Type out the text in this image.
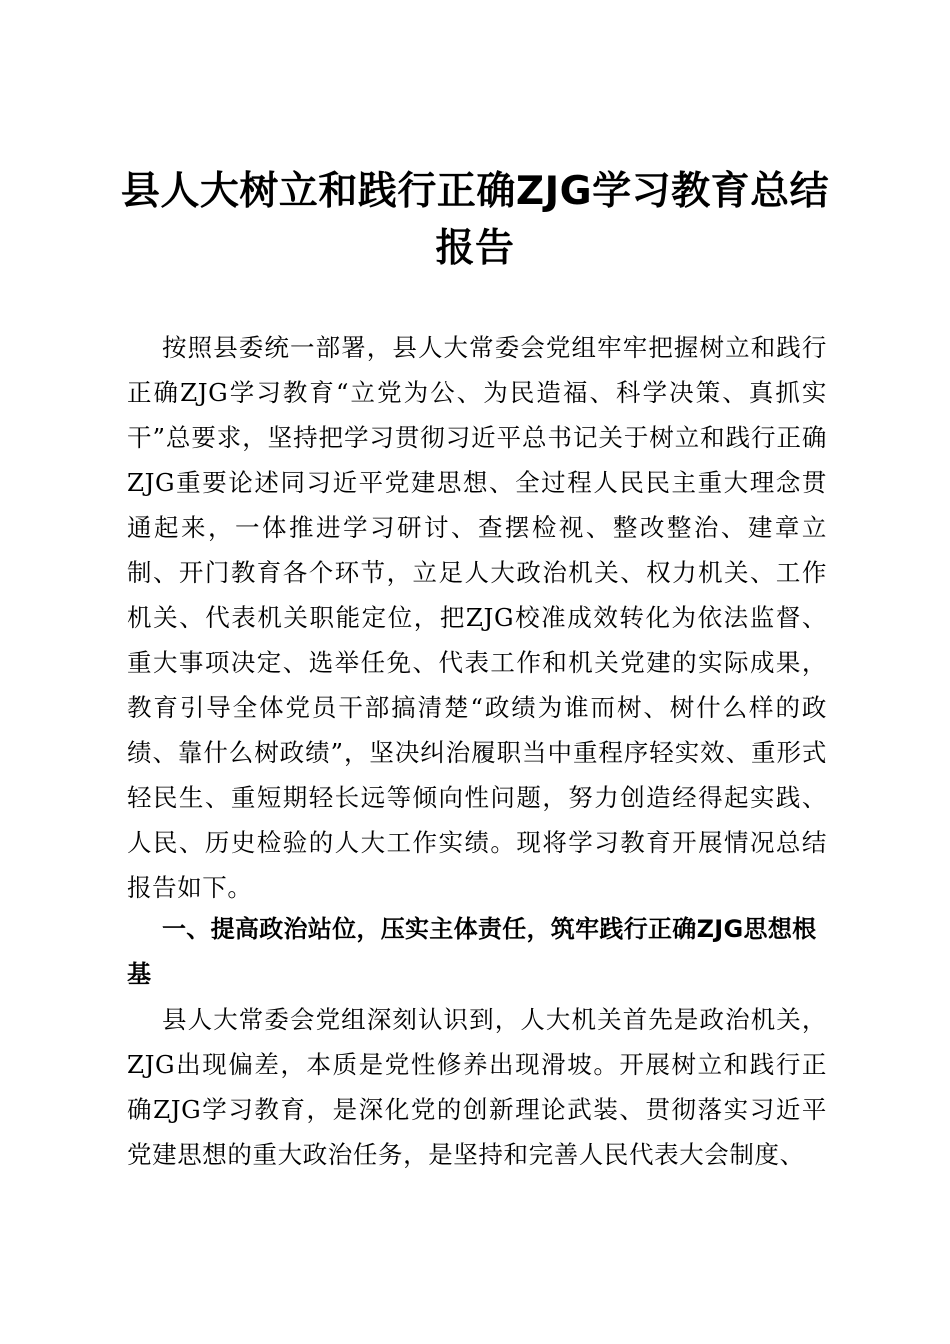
县人大树立和践行正确ZJG学习教育总结报告

按照县委统一部署，县人大常委会党组牢牢把握树立和践行正确ZJG学习教育“立党为公、为民造福、科学决策、真抓实干”总要求，坚持把学习贯彻习近平总书记关于树立和践行正确ZJG重要论述同习近平党建思想、全过程人民民主重大理念贯通起来，一体推进学习研讨、查摆检视、整改整治、建章立制、开门教育各个环节，立足人大政治机关、权力机关、工作机关、代表机关职能定位，把ZJG校准成效转化为依法监督、重大事项决定、选举任免、代表工作和机关党建的实际成果，教育引导全体党员干部搞清楚“政绩为谁而树、树什么样的政绩、靠什么树政绩”，坚决纠治履职当中重程序轻实效、重形式轻民生、重短期轻长远等倾向性问题，努力创造经得起实践、人民、历史检验的人大工作实绩。现将学习教育开展情况总结报告如下。

一、提高政治站位，压实主体责任，筑牢践行正确ZJG思想根基

县人大常委会党组深刻认识到，人大机关首先是政治机关，ZJG出现偏差，本质是党性修养出现滑坡。开展树立和践行正确ZJG学习教育，是深化党的创新理论武装、贯彻落实习近平党建思想的重大政治任务，是坚持和完善人民代表大会制度、
